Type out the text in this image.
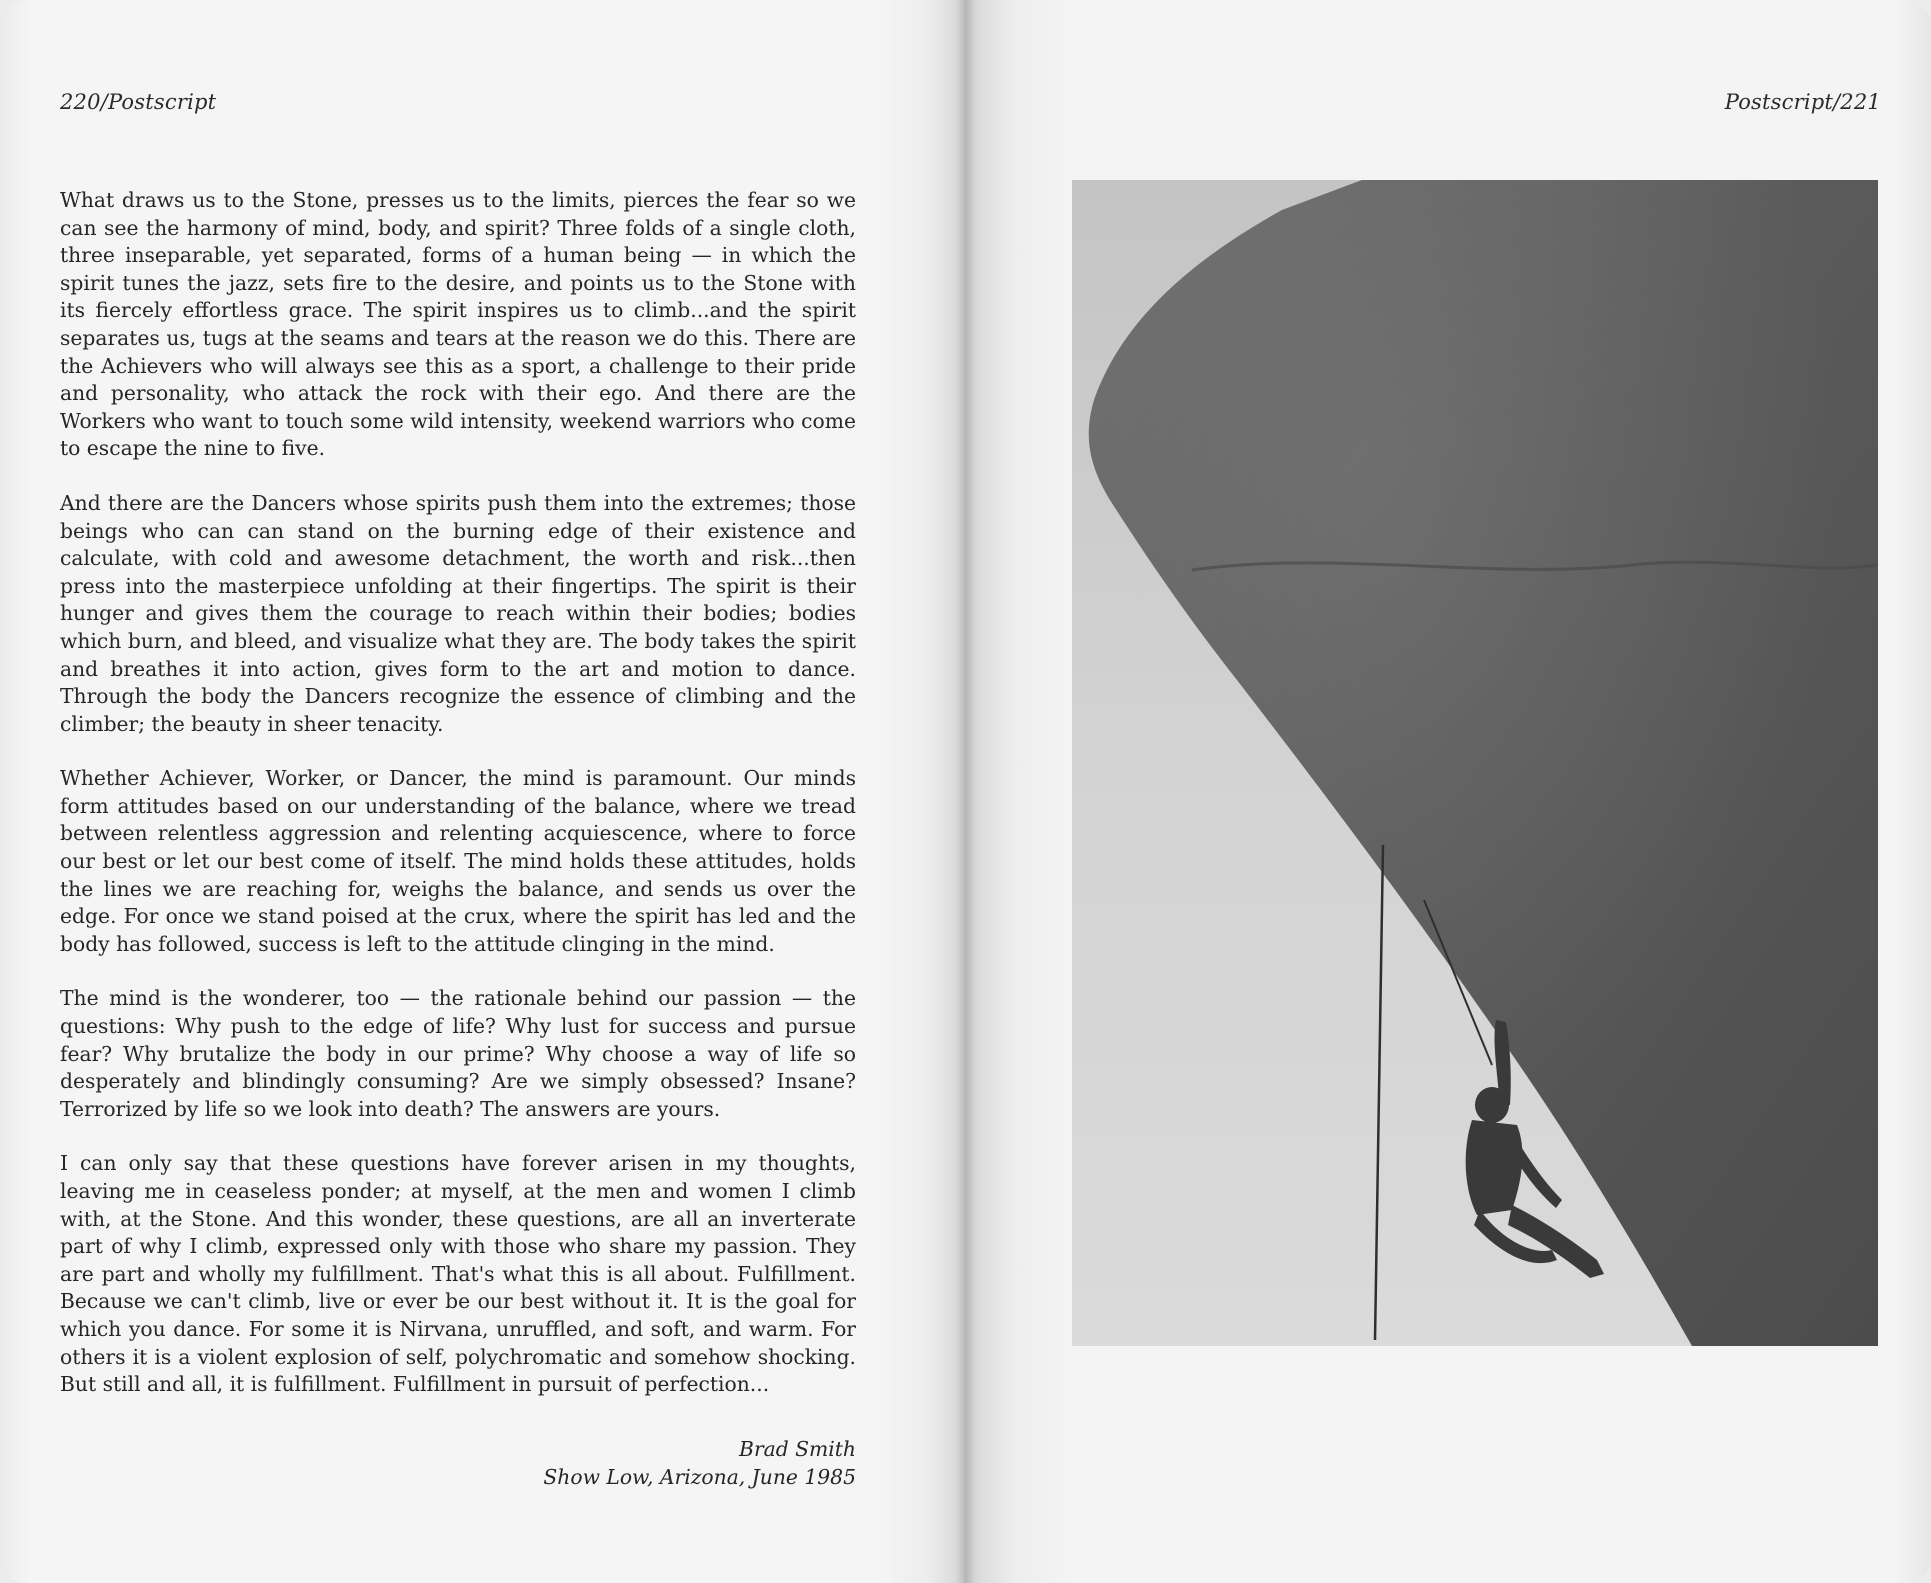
220/Postscript

What draws us to the Stone, presses us to the limits, pierces the fear so we can see the harmony of mind, body, and spirit? Three folds of a single cloth, three inseparable, yet separated, forms of a human being — in which the spirit tunes the jazz, sets fire to the desire, and points us to the Stone with its fiercely effortless grace. The spirit inspires us to climb...and the spirit separates us, tugs at the seams and tears at the reason we do this. There are the Achievers who will always see this as a sport, a challenge to their pride and personality, who attack the rock with their ego. And there are the Workers who want to touch some wild intensity, weekend warriors who come to escape the nine to five.

And there are the Dancers whose spirits push them into the extremes; those beings who can can stand on the burning edge of their existence and calculate, with cold and awesome detachment, the worth and risk...then press into the masterpiece unfolding at their fingertips. The spirit is their hunger and gives them the courage to reach within their bodies; bodies which burn, and bleed, and visualize what they are. The body takes the spirit and breathes it into action, gives form to the art and motion to dance. Through the body the Dancers recognize the essence of climbing and the climber; the beauty in sheer tenacity.

Whether Achiever, Worker, or Dancer, the mind is paramount. Our minds form attitudes based on our understanding of the balance, where we tread between relentless aggression and relenting acquiescence, where to force our best or let our best come of itself. The mind holds these attitudes, holds the lines we are reaching for, weighs the balance, and sends us over the edge. For once we stand poised at the crux, where the spirit has led and the body has followed, success is left to the attitude clinging in the mind.

The mind is the wonderer, too — the rationale behind our passion — the questions: Why push to the edge of life? Why lust for success and pursue fear? Why brutalize the body in our prime? Why choose a way of life so desperately and blindingly consuming? Are we simply obsessed? Insane? Terrorized by life so we look into death? The answers are yours.

I can only say that these questions have forever arisen in my thoughts, leaving me in ceaseless ponder; at myself, at the men and women I climb with, at the Stone. And this wonder, these questions, are all an inverterate part of why I climb, expressed only with those who share my passion. They are part and wholly my fulfillment. That's what this is all about. Fulfillment. Because we can't climb, live or ever be our best without it. It is the goal for which you dance. For some it is Nirvana, unruffled, and soft, and warm. For others it is a violent explosion of self, polychromatic and somehow shocking. But still and all, it is fulfillment. Fulfillment in pursuit of perfection...

Brad Smith
Show Low, Arizona, June 1985
Postscript/221
